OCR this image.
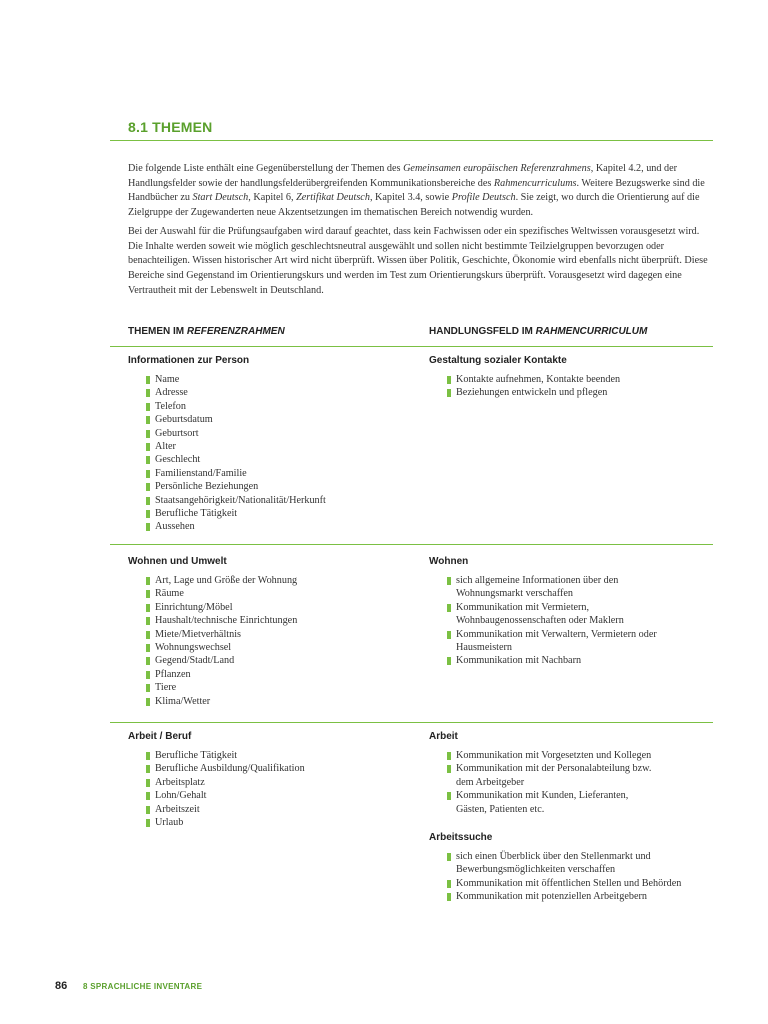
8.1 THEMEN

Die folgende Liste enthält eine Gegenüberstellung der Themen des Gemeinsamen europäischen Referenzrahmens, Kapitel 4.2, und der Handlungsfelder sowie der handlungsfelderübergreifenden Kommunikationsbereiche des Rahmencurriculums. Weitere Bezugswerke sind die Handbücher zu Start Deutsch, Kapitel 6, Zertifikat Deutsch, Kapitel 3.4, sowie Profile Deutsch. Sie zeigt, wo durch die Orientierung auf die Zielgruppe der Zugewanderten neue Akzentsetzungen im thematischen Bereich notwendig wurden.

Bei der Auswahl für die Prüfungsaufgaben wird darauf geachtet, dass kein Fachwissen oder ein spezifisches Weltwissen vorausgesetzt wird. Die Inhalte werden soweit wie möglich geschlechtsneutral ausgewählt und sollen nicht bestimmte Teilzielgruppen bevorzugen oder benachteiligen. Wissen historischer Art wird nicht überprüft. Wissen über Politik, Geschichte, Ökonomie wird ebenfalls nicht überprüft. Diese Bereiche sind Gegenstand im Orientierungskurs und werden im Test zum Orientierungskurs überprüft. Vorausgesetzt wird dagegen eine Vertrautheit mit der Lebenswelt in Deutschland.

THEMEN IM REFERENZRAHMEN	HANDLUNGSFELD IM RAHMENCURRICULUM
Informationen zur Person
Name
Adresse
Telefon
Geburtsdatum
Geburtsort
Alter
Geschlecht
Familienstand/Familie
Persönliche Beziehungen
Staatsangehörigkeit/Nationalität/Herkunft
Berufliche Tätigkeit
Aussehen
Gestaltung sozialer Kontakte
Kontakte aufnehmen, Kontakte beenden
Beziehungen entwickeln und pflegen
Wohnen und Umwelt
Art, Lage und Größe der Wohnung
Räume
Einrichtung/Möbel
Haushalt/technische Einrichtungen
Miete/Mietverhältnis
Wohnungswechsel
Gegend/Stadt/Land
Pflanzen
Tiere
Klima/Wetter
Wohnen
sich allgemeine Informationen über den
Wohnungsmarkt verschaffen
Kommunikation mit Vermietern,
Wohnbaugenossenschaften oder Maklern
Kommunikation mit Verwaltern, Vermietern oder
Hausmeistern
Kommunikation mit Nachbarn
Arbeit / Beruf
Berufliche Tätigkeit
Berufliche Ausbildung/Qualifikation
Arbeitsplatz
Lohn/Gehalt
Arbeitszeit
Urlaub
Arbeit
Kommunikation mit Vorgesetzten und Kollegen
Kommunikation mit der Personalabteilung bzw.
dem Arbeitgeber
Kommunikation mit Kunden, Lieferanten,
Gästen, Patienten etc.
Arbeitssuche
sich einen Überblick über den Stellenmarkt und
Bewerbungsmöglichkeiten verschaffen
Kommunikation mit öffentlichen Stellen und Behörden
Kommunikation mit potenziellen Arbeitgebern
86 8 SPRACHLICHE INVENTARE
